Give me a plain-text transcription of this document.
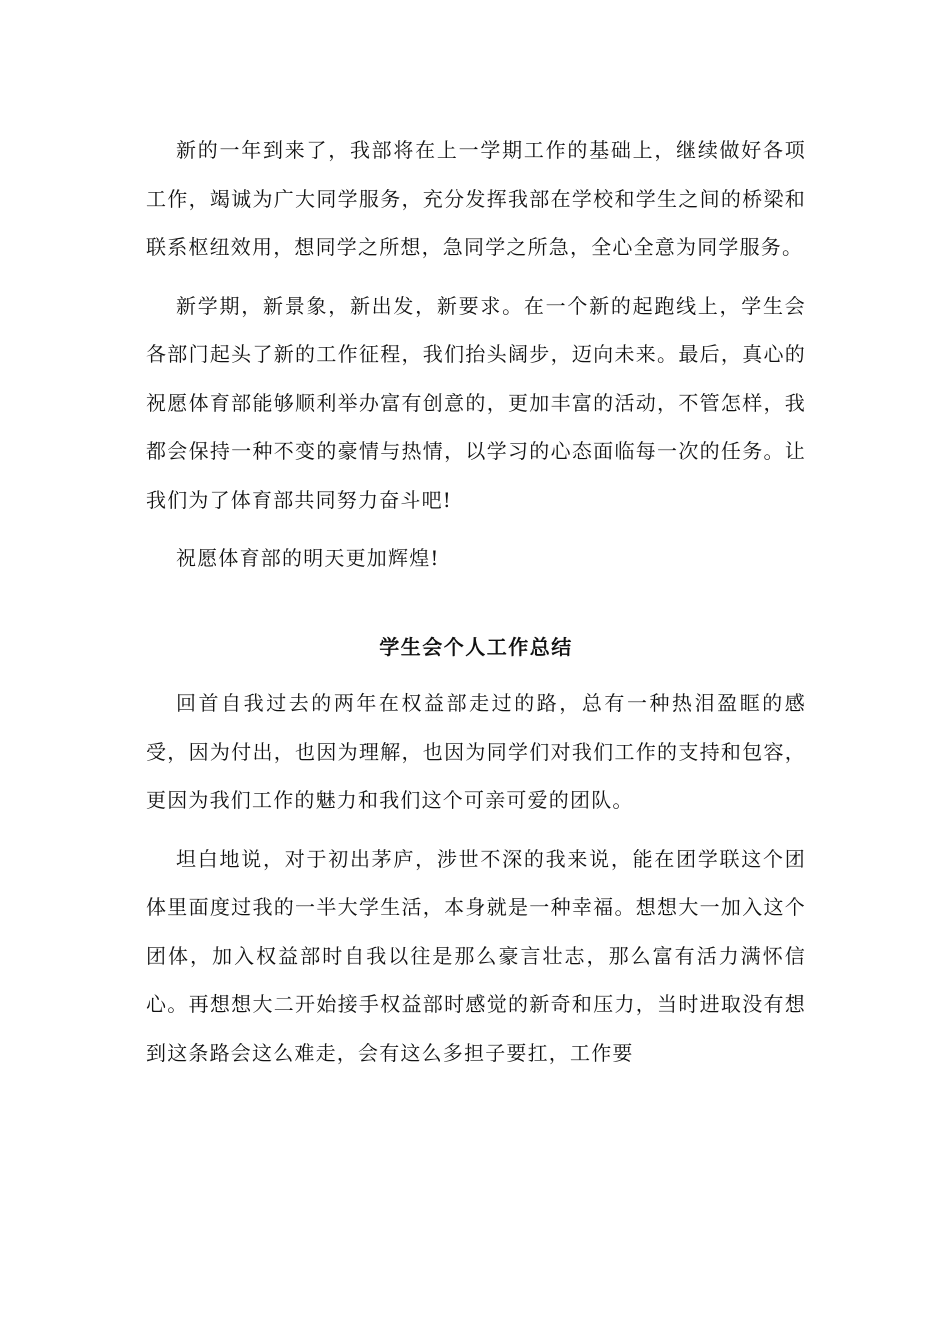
新的一年到来了，我部将在上一学期工作的基础上，继续做好各项工作，竭诚为广大同学服务，充分发挥我部在学校和学生之间的桥梁和联系枢纽效用，想同学之所想，急同学之所急，全心全意为同学服务。

新学期，新景象，新出发，新要求。在一个新的起跑线上，学生会各部门起头了新的工作征程，我们抬头阔步，迈向未来。最后，真心的祝愿体育部能够顺利举办富有创意的，更加丰富的活动，不管怎样，我都会保持一种不变的豪情与热情，以学习的心态面临每一次的任务。让我们为了体育部共同努力奋斗吧!

祝愿体育部的明天更加辉煌!

学生会个人工作总结

回首自我过去的两年在权益部走过的路，总有一种热泪盈眶的感受，因为付出，也因为理解，也因为同学们对我们工作的支持和包容，更因为我们工作的魅力和我们这个可亲可爱的团队。

坦白地说，对于初出茅庐，涉世不深的我来说，能在团学联这个团体里面度过我的一半大学生活，本身就是一种幸福。想想大一加入这个团体，加入权益部时自我以往是那么豪言壮志，那么富有活力满怀信心。再想想大二开始接手权益部时感觉的新奇和压力，当时进取没有想到这条路会这么难走，会有这么多担子要扛，工作要
